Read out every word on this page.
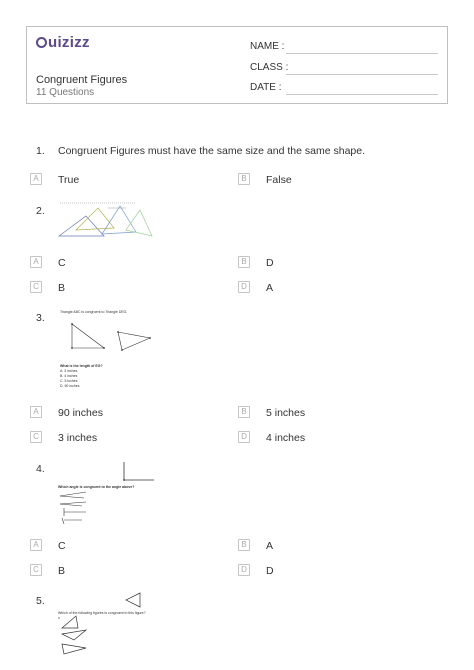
uizizz
Congruent Figures
11 Questions
NAME :
CLASS :
DATE :
1. Congruent Figures must have the same size and the same shape.
A	True	B	False
2.
A	C	B	D
C B	D A
3.	Triangle ABC is congruent to Triangle DEG.
What is the length of EG?
A. 3 inches
B. 4 inches
C. 5 inches
D. 90 inches
A	90 inches	B	5 inches
C 3 inches	D 4 inches
4.
Which angle is congruent to the angle above?
A	C	B	A
C B	D D
5.
Which of the following figures is congruent to this figure?
